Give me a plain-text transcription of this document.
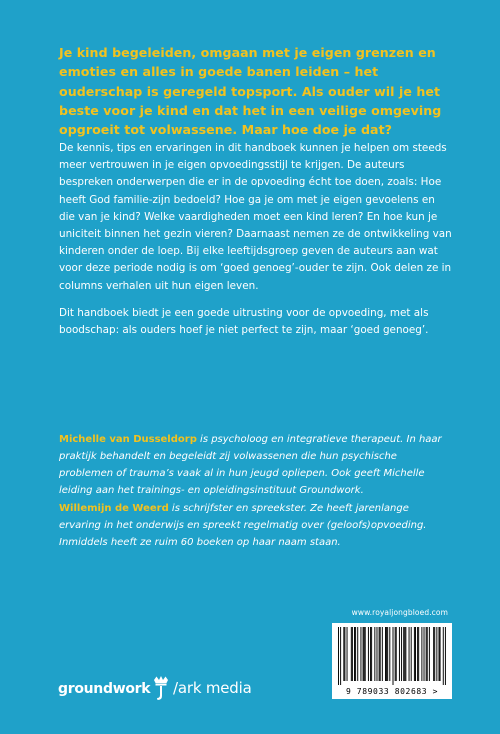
Je kind begeleiden, omgaan met je eigen grenzen en emoties en alles in goede banen leiden – het ouderschap is geregeld topsport. Als ouder wil je het beste voor je kind en dat het in een veilige omgeving opgroeit tot volwassene. Maar hoe doe je dat?

De kennis, tips en ervaringen in dit handboek kunnen je helpen om steeds meer vertrouwen in je eigen opvoedingsstijl te krijgen. De auteurs bespreken onderwerpen die er in de opvoeding écht toe doen, zoals: Hoe heeft God familie-zijn bedoeld? Hoe ga je om met je eigen gevoelens en die van je kind? Welke vaardigheden moet een kind leren? En hoe kun je uniciteit binnen het gezin vieren? Daarnaast nemen ze de ontwikkeling van kinderen onder de loep. Bij elke leeftijdsgroep geven de auteurs aan wat voor deze periode nodig is om ‘goed genoeg’-ouder te zijn. Ook delen ze in columns verhalen uit hun eigen leven.

Dit handboek biedt je een goede uitrusting voor de opvoeding, met als boodschap: als ouders hoef je niet perfect te zijn, maar ‘goed genoeg’.

Michelle van Dusseldorp is psycholoog en integratieve therapeut. In haar praktijk behandelt en begeleidt zij volwassenen die hun psychische problemen of trauma’s vaak al in hun jeugd opliepen. Ook geeft Michelle leiding aan het trainings- en opleidingsinstituut Groundwork.

Willemijn de Weerd is schrijfster en spreekster. Ze heeft jarenlange ervaring in het onderwijs en spreekt regelmatig over (geloofs)opvoeding. Inmiddels heeft ze ruim 60 boeken op haar naam staan.

www.royaljongbloed.com
9 789033 802683 >
groundwork /ark media
